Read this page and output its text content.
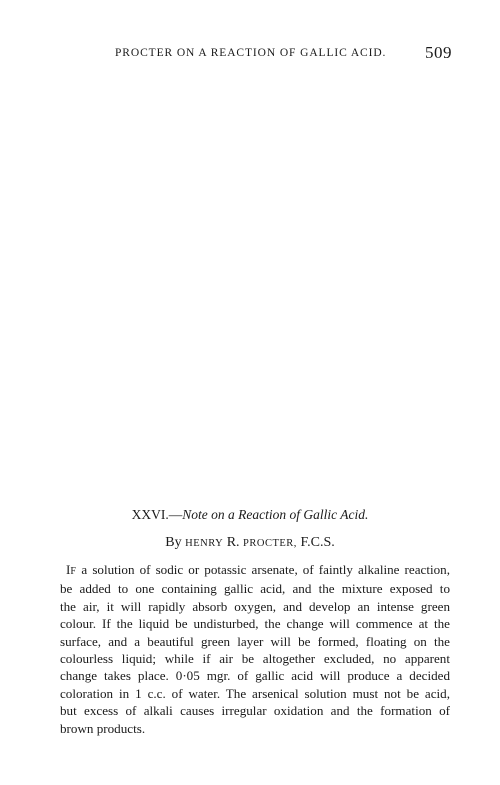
PROCTER ON A REACTION OF GALLIC ACID. 509
XXVI.—Note on a Reaction of Gallic Acid.
By HENRY R. PROCTER, F.C.S.
IF a solution of sodic or potassic arsenate, of faintly alkaline reaction,
be added to one containing gallic acid, and the mixture exposed to
the air, it will rapidly absorb oxygen, and develop an intense green
colour. If the liquid be undisturbed, the change will commence at the
surface, and a beautiful green layer will be formed, floating on the
colourless liquid; while if air be altogether excluded, no apparent
change takes place. 0·05 mgr. of gallic acid will produce a decided
coloration in 1 c.c. of water. The arsenical solution must not be acid,
but excess of alkali causes irregular oxidation and the formation of
brown products.
